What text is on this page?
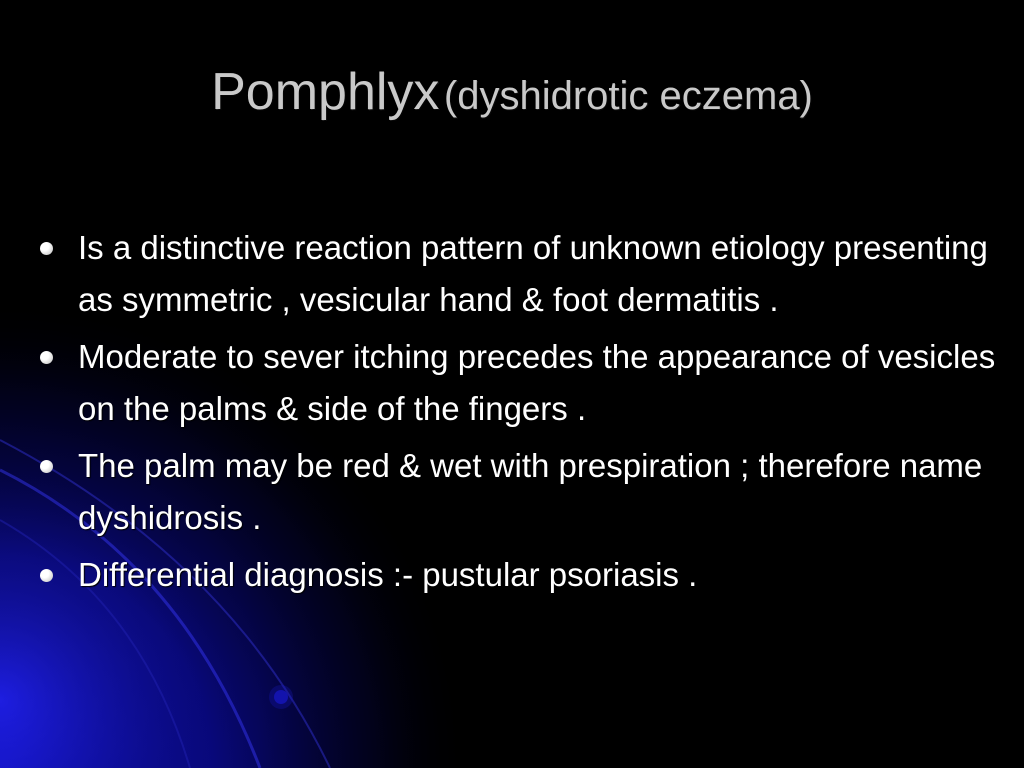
Pomphlyx (dyshidrotic eczema)
Is a distinctive reaction pattern of unknown etiology presenting as symmetric , vesicular hand & foot dermatitis .
Moderate to sever itching precedes the appearance of vesicles on the palms & side of the fingers .
The palm may be red & wet with prespiration ; therefore name dyshidrosis .
Differential diagnosis :- pustular psoriasis .
